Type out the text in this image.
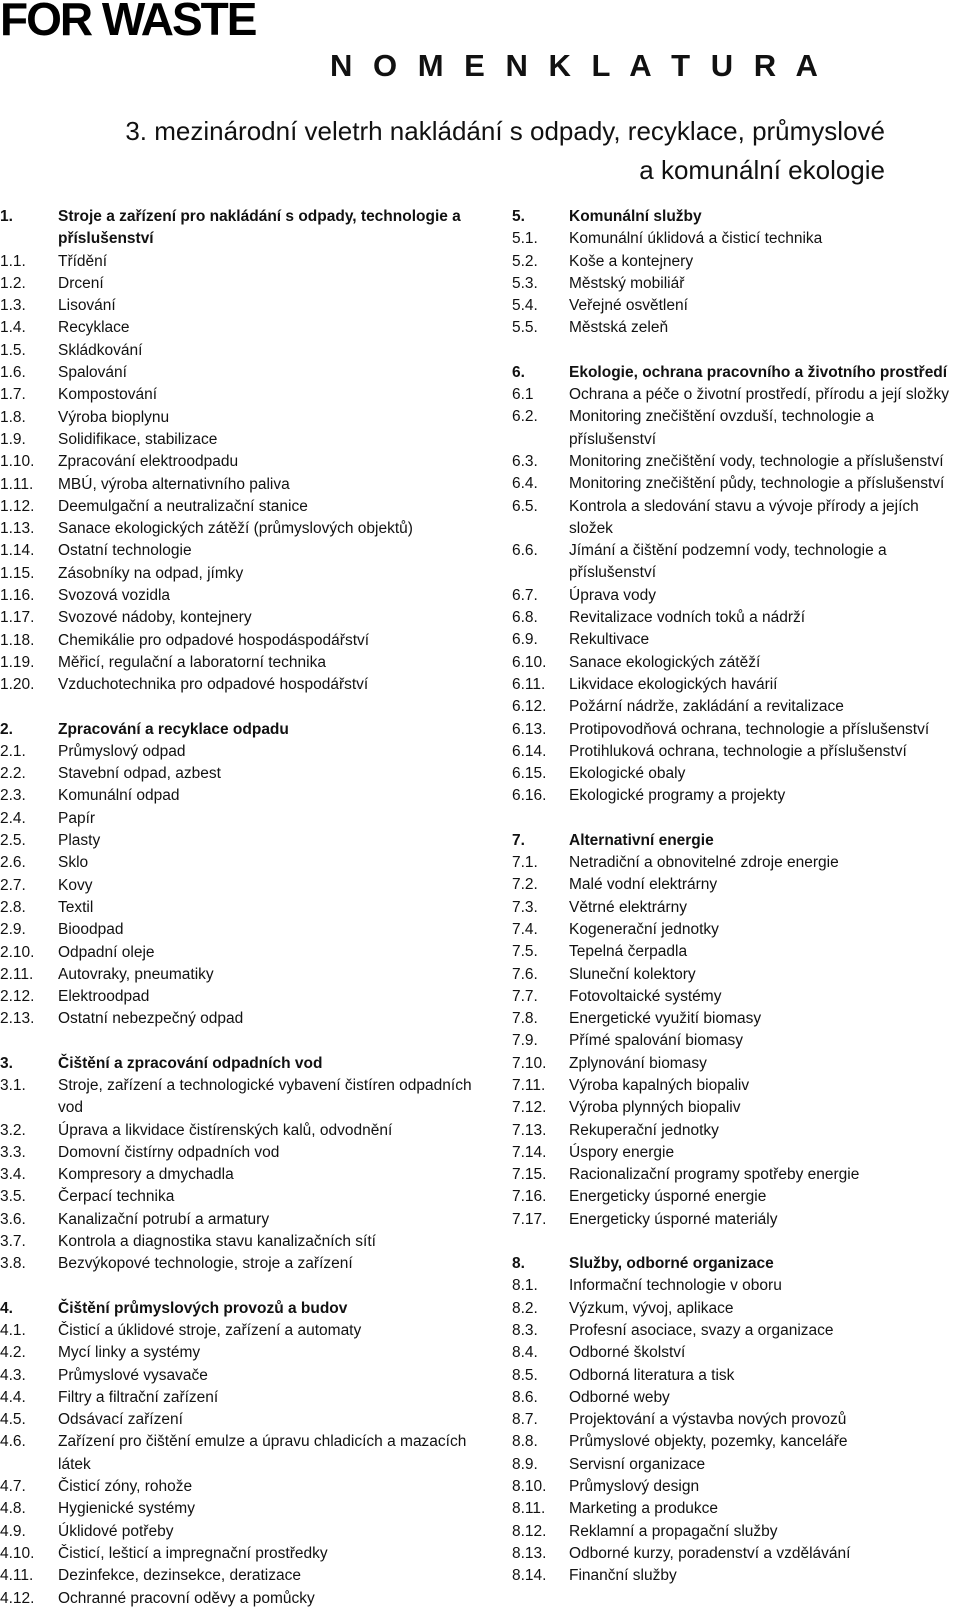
FOR WASTE
N O M E N K L A T U R A
3. mezinárodní veletrh nakládání s odpady, recyklace, průmyslové
a komunální ekologie
1.	Stroje a zařízení pro nakládání s odpady, technologie a příslušenství
1.1.	Třídění
1.2.	Drcení
1.3.	Lisování
1.4.	Recyklace
1.5.	Skládkování
1.6.	Spalování
1.7.	Kompostování
1.8.	Výroba bioplynu
1.9.	Solidifikace, stabilizace
1.10.	Zpracování elektroodpadu
1.11.	MBÚ, výroba alternativního paliva
1.12.	Deemulgační a neutralizační stanice
1.13.	Sanace ekologických zátěží (průmyslových objektů)
1.14.	Ostatní technologie
1.15.	Zásobníky na odpad, jímky
1.16.	Svozová vozidla
1.17.	Svozové nádoby, kontejnery
1.18.	Chemikálie pro odpadové hospodáspodářství
1.19.	Měřicí, regulační a laboratorní technika
1.20.	Vzduchotechnika pro odpadové hospodářství
2.	Zpracování a recyklace odpadu
2.1.	Průmyslový odpad
2.2.	Stavební odpad, azbest
2.3.	Komunální odpad
2.4.	Papír
2.5.	Plasty
2.6.	Sklo
2.7.	Kovy
2.8.	Textil
2.9.	Bioodpad
2.10.	Odpadní oleje
2.11.	Autovraky, pneumatiky
2.12.	Elektroodpad
2.13.	Ostatní nebezpečný odpad
3.	Čištění a zpracování odpadních vod
3.1.	Stroje, zařízení a technologické vybavení čistíren odpadních vod
3.2.	Úprava a likvidace čistírenských kalů, odvodnění
3.3.	Domovní čistírny odpadních vod
3.4.	Kompresory a dmychadla
3.5.	Čerpací technika
3.6.	Kanalizační potrubí a armatury
3.7.	Kontrola a diagnostika stavu kanalizačních sítí
3.8.	Bezvýkopové technologie, stroje a zařízení
4.	Čištění průmyslových provozů a budov
4.1.	Čisticí a úklidové stroje, zařízení a automaty
4.2.	Mycí linky a systémy
4.3.	Průmyslové vysavače
4.4.	Filtry a filtrační zařízení
4.5.	Odsávací zařízení
4.6.	Zařízení pro čištění emulze a úpravu chladicích a mazacích látek
4.7.	Čisticí zóny, rohože
4.8.	Hygienické systémy
4.9.	Úklidové potřeby
4.10.	Čisticí, lešticí a impregnační prostředky
4.11.	Dezinfekce, dezinsekce, deratizace
4.12.	Ochranné pracovní oděvy a pomůcky
5.	Komunální služby
5.1.	Komunální úklidová a čisticí technika
5.2.	Koše a kontejnery
5.3.	Městský mobiliář
5.4.	Veřejné osvětlení
5.5.	Městská zeleň
6.	Ekologie, ochrana pracovního a životního prostředí
6.1	Ochrana a péče o životní prostředí, přírodu a její složky
6.2.	Monitoring znečištění ovzduší, technologie a příslušenství
6.3.	Monitoring znečištění vody, technologie a příslušenství
6.4.	Monitoring znečištění půdy, technologie a příslušenství
6.5.	Kontrola a sledování stavu a vývoje přírody a jejích složek
6.6.	Jímání a čištění podzemní vody, technologie a příslušenství
6.7.	Úprava vody
6.8.	Revitalizace vodních toků a nádrží
6.9.	Rekultivace
6.10.	Sanace ekologických zátěží
6.11.	Likvidace ekologických havárií
6.12.	Požární nádrže, zakládání a revitalizace
6.13.	Protipovodňová ochrana, technologie a příslušenství
6.14.	Protihluková ochrana, technologie a příslušenství
6.15.	Ekologické obaly
6.16.	Ekologické programy a projekty
7.	Alternativní energie
7.1.	Netradiční a obnovitelné zdroje energie
7.2.	Malé vodní elektrárny
7.3.	Větrné elektrárny
7.4.	Kogenerační jednotky
7.5.	Tepelná čerpadla
7.6.	Sluneční kolektory
7.7.	Fotovoltaické systémy
7.8.	Energetické využití biomasy
7.9.	Přímé spalování biomasy
7.10.	Zplynování biomasy
7.11.	Výroba kapalných biopaliv
7.12.	Výroba plynných biopaliv
7.13.	Rekuperační jednotky
7.14.	Úspory energie
7.15.	Racionalizační programy spotřeby energie
7.16.	Energeticky úsporné energie
7.17.	Energeticky úsporné materiály
8.	Služby, odborné organizace
8.1.	Informační technologie v oboru
8.2.	Výzkum, vývoj, aplikace
8.3.	Profesní asociace, svazy a organizace
8.4.	Odborné školství
8.5.	Odborná literatura a tisk
8.6.	Odborné weby
8.7.	Projektování a výstavba nových provozů
8.8.	Průmyslové objekty, pozemky, kanceláře
8.9.	Servisní organizace
8.10.	Průmyslový design
8.11.	Marketing a produkce
8.12.	Reklamní a propagační služby
8.13.	Odborné kurzy, poradenství a vzdělávání
8.14.	Finanční služby
